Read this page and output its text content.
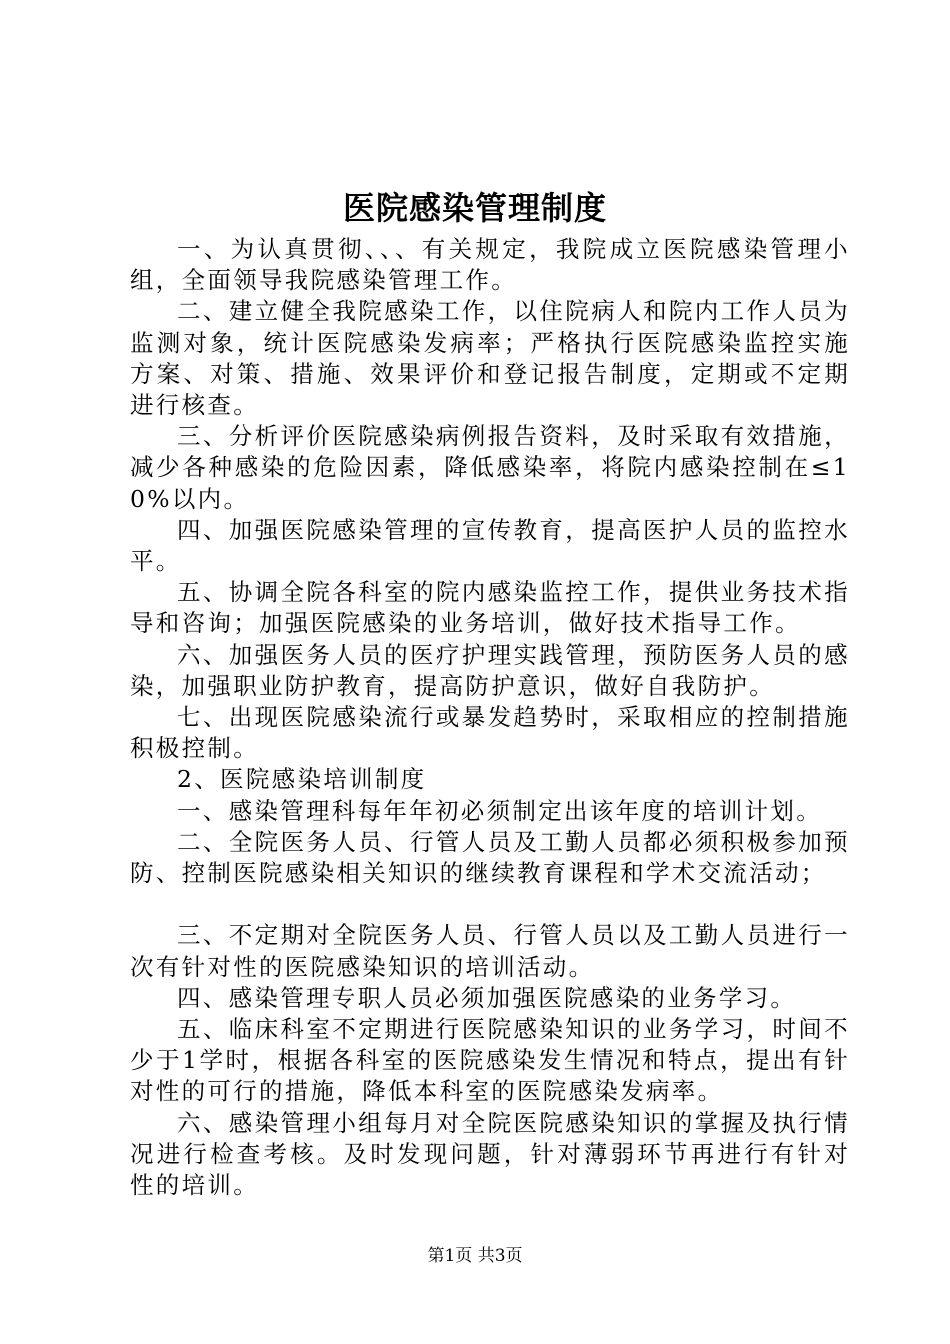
医院感染管理制度

一、为认真贯彻、、、有关规定，我院成立医院感染管理小组，全面领导我院感染管理工作。

二、建立健全我院感染工作，以住院病人和院内工作人员为监测对象，统计医院感染发病率；严格执行医院感染监控实施方案、对策、措施、效果评价和登记报告制度，定期或不定期进行核查。

三、分析评价医院感染病例报告资料，及时采取有效措施，减少各种感染的危险因素，降低感染率，将院内感染控制在≤10%以内。

四、加强医院感染管理的宣传教育，提高医护人员的监控水平。

五、协调全院各科室的院内感染监控工作，提供业务技术指导和咨询；加强医院感染的业务培训，做好技术指导工作。

六、加强医务人员的医疗护理实践管理，预防医务人员的感染，加强职业防护教育，提高防护意识，做好自我防护。

七、出现医院感染流行或暴发趋势时，采取相应的控制措施积极控制。

2、医院感染培训制度

一、感染管理科每年年初必须制定出该年度的培训计划。

二、全院医务人员、行管人员及工勤人员都必须积极参加预防、控制医院感染相关知识的继续教育课程和学术交流活动；

三、不定期对全院医务人员、行管人员以及工勤人员进行一次有针对性的医院感染知识的培训活动。

四、感染管理专职人员必须加强医院感染的业务学习。

五、临床科室不定期进行医院感染知识的业务学习，时间不少于1学时，根据各科室的医院感染发生情况和特点，提出有针对性的可行的措施，降低本科室的医院感染发病率。

六、感染管理小组每月对全院医院感染知识的掌握及执行情况进行检查考核。及时发现问题，针对薄弱环节再进行有针对性的培训。

第1页 共3页
